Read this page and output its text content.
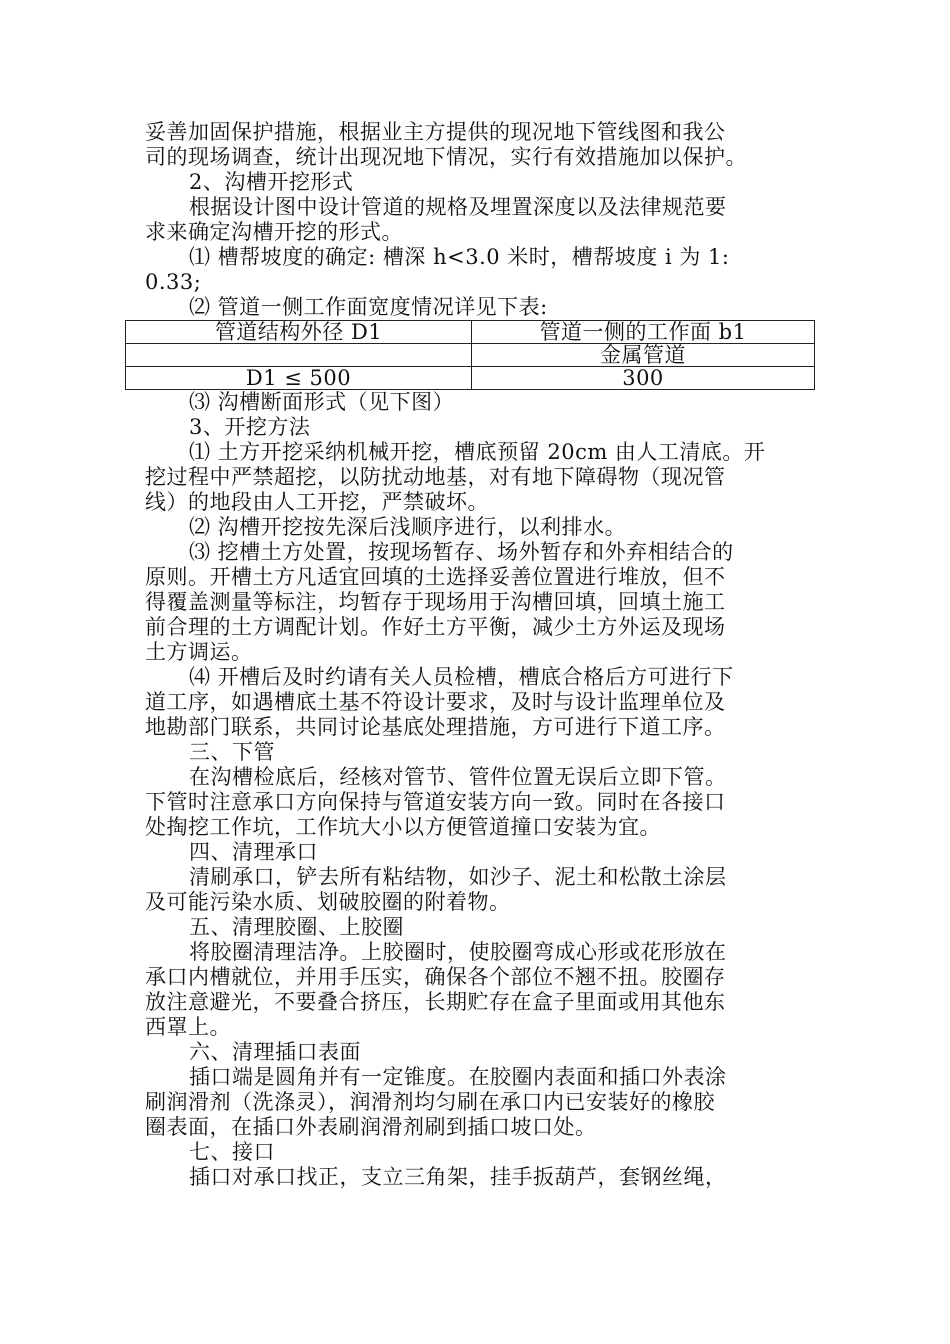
妥善加固保护措施，根据业主方提供的现况地下管线图和我公
司的现场调查，统计出现况地下情况，实行有效措施加以保护。
2、沟槽开挖形式
根据设计图中设计管道的规格及埋置深度以及法律规范要
求来确定沟槽开挖的形式。
⑴ 槽帮坡度的确定: 槽深 h<3.0 米时，槽帮坡度 i 为 1:
0.33;
⑵ 管道一侧工作面宽度情况详见下表:
管道结构外径 D1	管道一侧的工作面 b1
	金属管道
D1 ≤ 500	300
⑶ 沟槽断面形式（见下图）
3、开挖方法
⑴ 土方开挖采纳机械开挖，槽底预留 20cm 由人工清底。开
挖过程中严禁超挖，以防扰动地基，对有地下障碍物（现况管
线）的地段由人工开挖，严禁破坏。
⑵ 沟槽开挖按先深后浅顺序进行，以利排水。
⑶ 挖槽土方处置，按现场暂存、场外暂存和外弃相结合的
原则。开槽土方凡适宜回填的土选择妥善位置进行堆放，但不
得覆盖测量等标注，均暂存于现场用于沟槽回填，回填土施工
前合理的土方调配计划。作好土方平衡，减少土方外运及现场
土方调运。
⑷ 开槽后及时约请有关人员检槽，槽底合格后方可进行下
道工序，如遇槽底土基不符设计要求，及时与设计监理单位及
地勘部门联系，共同讨论基底处理措施，方可进行下道工序。
三、下管
在沟槽检底后，经核对管节、管件位置无误后立即下管。
下管时注意承口方向保持与管道安装方向一致。同时在各接口
处掏挖工作坑，工作坑大小以方便管道撞口安装为宜。
四、清理承口
清刷承口，铲去所有粘结物，如沙子、泥土和松散土涂层
及可能污染水质、划破胶圈的附着物。
五、清理胶圈、上胶圈
将胶圈清理洁净。上胶圈时，使胶圈弯成心形或花形放在
承口内槽就位，并用手压实，确保各个部位不翘不扭。胶圈存
放注意避光，不要叠合挤压，长期贮存在盒子里面或用其他东
西罩上。
六、清理插口表面
插口端是圆角并有一定锥度。在胶圈内表面和插口外表涂
刷润滑剂（洗涤灵），润滑剂均匀刷在承口内已安装好的橡胶
圈表面，在插口外表刷润滑剂刷到插口坡口处。
七、接口
插口对承口找正，支立三角架，挂手扳葫芦，套钢丝绳，
